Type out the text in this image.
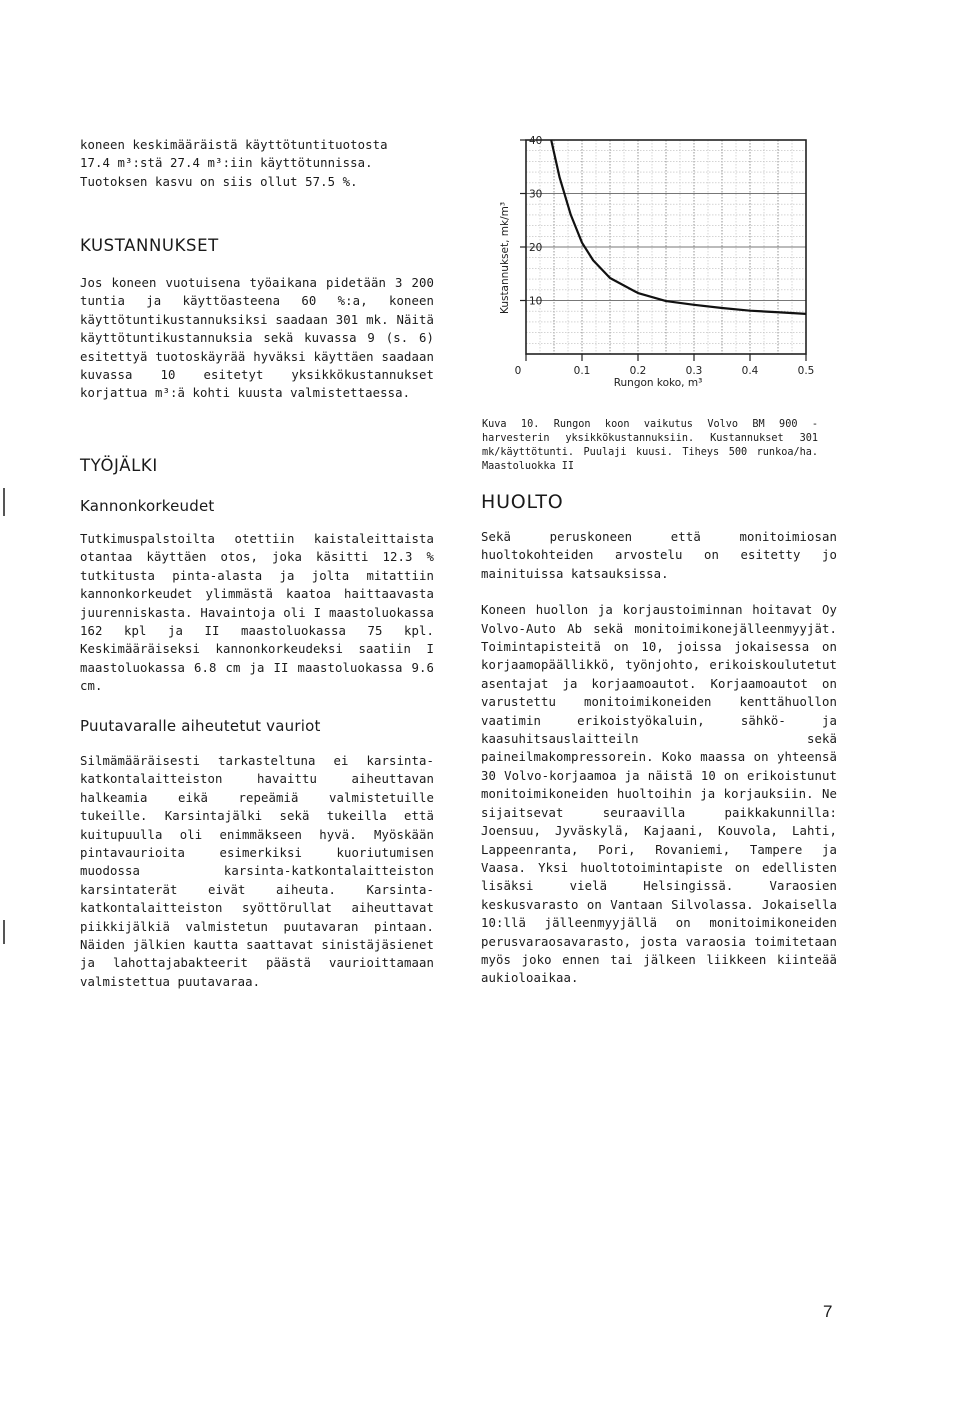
koneen keskimääräistä käyttötuntituotosta
17.4 m³:stä 27.4 m³:iin käyttötunnissa.
Tuotoksen kasvu on siis ollut 57.5 %.
KUSTANNUKSET

Jos koneen vuotuisena työaikana pidetään 3 200 tuntia ja käyttöasteena 60 %:a, koneen käyttötuntikustannuksiksi saadaan 301 mk. Näitä käyttötuntikustannuksia sekä kuvassa 9 (s. 6) esitettyä tuotoskäyrää hyväksi käyttäen saadaan kuvassa 10 esitetyt yksikkökustannukset korjattua m³:ä kohti kuusta valmistettaessa.

TYÖJÄLKI
Kannonkorkeudet

Tutkimuspalstoilta otettiin kaistaleittaista otantaa käyttäen otos, joka käsitti 12.3 % tutkitusta pinta-alasta ja jolta mitattiin kannonkorkeudet ylimmästä kaatoa haittaavasta juurenniskasta. Havaintoja oli I maastoluokassa 162 kpl ja II maastoluokassa 75 kpl. Keskimääräiseksi kannonkorkeudeksi saatiin I maastoluokassa 6.8 cm ja II maastoluokassa 9.6 cm.

Puutavaralle aiheutetut vauriot

Silmämääräisesti tarkasteltuna ei karsinta-katkontalaitteiston havaittu aiheuttavan halkeamia eikä repeämiä valmistetuille tukeille. Karsintajälki sekä tukeilla että kuitupuulla oli enimmäkseen hyvä. Myöskään pintavaurioita esimerkiksi kuoriutumisen muodossa karsinta-katkontalaitteiston karsintaterät eivät aiheuta. Karsinta-katkontalaitteiston syöttörullat aiheuttavat piikkijälkiä valmistetun puutavaran pintaan. Näiden jälkien kautta saattavat sinistäjäsienet ja lahottajabakteerit päästä vaurioittamaan valmistettua puutavaraa.

10
20
30
40
0	0.1	0.2	0.3	0.4	0.5
Kustannukset, mk/m³
Rungon koko, m³

Kuva 10. Rungon koon vaikutus Volvo BM 900 -harvesterin yksikkökustannuksiin. Kustannukset 301 mk/käyttötunti. Puulaji kuusi. Tiheys 500 runkoa/ha. Maastoluokka II

HUOLTO

Sekä peruskoneen että monitoimiosan huoltokohteiden arvostelu on esitetty jo mainituissa katsauksissa.

Koneen huollon ja korjaustoiminnan hoitavat Oy Volvo-Auto Ab sekä monitoimikonejälleenmyyjät. Toimintapisteitä on 10, joissa jokaisessa on korjaamopäällikkö, työnjohto, erikoiskoulutetut asentajat ja korjaamoautot. Korjaamoautot on varustettu monitoimikoneiden kenttähuollon vaatimin erikoistyökaluin, sähkö- ja kaasuhitsauslaitteiln sekä paineilmakompressorein. Koko maassa on yhteensä 30 Volvo-korjaamoa ja näistä 10 on erikoistunut monitoimikoneiden huoltoihin ja korjauksiin. Ne sijaitsevat seuraavilla paikkakunnilla: Joensuu, Jyväskylä, Kajaani, Kouvola, Lahti, Lappeenranta, Pori, Rovaniemi, Tampere ja Vaasa. Yksi huoltotoimintapiste on edellisten lisäksi vielä Helsingissä. Varaosien keskusvarasto on Vantaan Silvolassa. Jokaisella 10:llä jälleenmyyjällä on monitoimikoneiden perusvaraosavarasto, josta varaosia toimitetaan myös joko ennen tai jälkeen liikkeen kiinteää aukioloaikaa.

7
